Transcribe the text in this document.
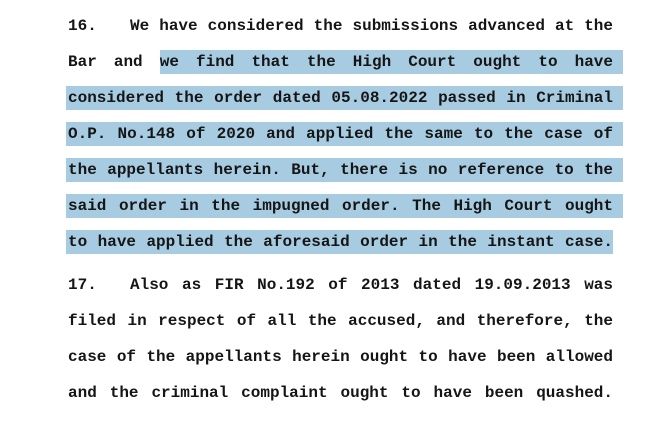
16. We have considered the submissions advanced at the
Bar and we find that the High Court ought to have
considered the order dated 05.08.2022 passed in Criminal
O.P. No.148 of 2020 and applied the same to the case of
the appellants herein. But, there is no reference to the
said order in the impugned order. The High Court ought
to have applied the aforesaid order in the instant case.
17. Also as FIR No.192 of 2013 dated 19.09.2013 was
filed in respect of all the accused, and therefore, the
case of the appellants herein ought to have been allowed
and the criminal complaint ought to have been quashed.
